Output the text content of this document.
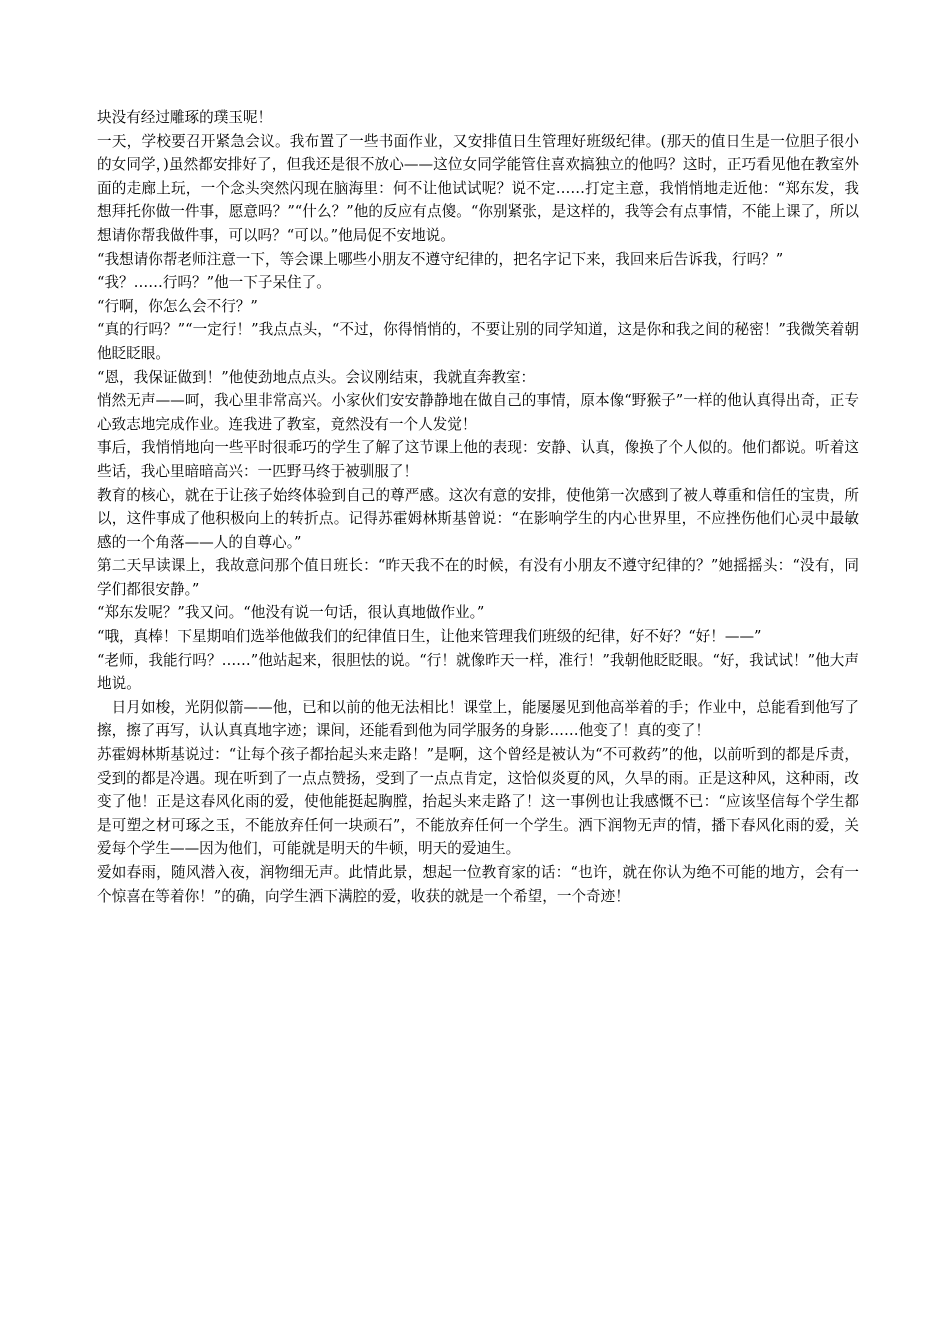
块没有经过雕琢的璞玉呢！

一天，学校要召开紧急会议。我布置了一些书面作业，又安排值日生管理好班级纪律。(那天的值日生是一位胆子很小的女同学，)虽然都安排好了，但我还是很不放心——这位女同学能管住喜欢搞独立的他吗？这时，正巧看见他在教室外面的走廊上玩，一个念头突然闪现在脑海里：何不让他试试呢？说不定……打定主意，我悄悄地走近他：“郑东发，我想拜托你做一件事，愿意吗？”“什么？”他的反应有点傻。“你别紧张，是这样的，我等会有点事情，不能上课了，所以想请你帮我做件事，可以吗？“可以。”他局促不安地说。

“我想请你帮老师注意一下，等会课上哪些小朋友不遵守纪律的，把名字记下来，我回来后告诉我，行吗？”

“我？……行吗？”他一下子呆住了。

“行啊，你怎么会不行？”

“真的行吗？”“一定行！”我点点头，“不过，你得悄悄的，不要让别的同学知道，这是你和我之间的秘密！”我微笑着朝他眨眨眼。

“恩，我保证做到！”他使劲地点点头。会议刚结束，我就直奔教室：

悄然无声——呵，我心里非常高兴。小家伙们安安静静地在做自己的事情，原本像“野猴子”一样的他认真得出奇，正专心致志地完成作业。连我进了教室，竟然没有一个人发觉！

事后，我悄悄地向一些平时很乖巧的学生了解了这节课上他的表现：安静、认真，像换了个人似的。他们都说。听着这些话，我心里暗暗高兴：一匹野马终于被驯服了！

教育的核心，就在于让孩子始终体验到自己的尊严感。这次有意的安排，使他第一次感到了被人尊重和信任的宝贵，所以，这件事成了他积极向上的转折点。记得苏霍姆林斯基曾说：“在影响学生的内心世界里，不应挫伤他们心灵中最敏感的一个角落——人的自尊心。”

第二天早读课上，我故意问那个值日班长：“昨天我不在的时候，有没有小朋友不遵守纪律的？”她摇摇头：“没有，同学们都很安静。”

“郑东发呢？”我又问。“他没有说一句话，很认真地做作业。”

“哦，真棒！下星期咱们选举他做我们的纪律值日生，让他来管理我们班级的纪律，好不好？“好！——”

“老师，我能行吗？……”他站起来，很胆怯的说。“行！就像昨天一样，准行！”我朝他眨眨眼。“好，我试试！”他大声地说。

　日月如梭，光阴似箭——他，已和以前的他无法相比！课堂上，能屡屡见到他高举着的手；作业中，总能看到他写了擦，擦了再写，认认真真地字迹；课间，还能看到他为同学服务的身影……他变了！真的变了！

苏霍姆林斯基说过：“让每个孩子都抬起头来走路！”是啊，这个曾经是被认为“不可救药”的他，以前听到的都是斥责，受到的都是冷遇。现在听到了一点点赞扬，受到了一点点肯定，这恰似炎夏的风，久旱的雨。正是这种风，这种雨，改变了他！正是这春风化雨的爱，使他能挺起胸膛，抬起头来走路了！这一事例也让我感慨不已：“应该坚信每个学生都是可塑之材可琢之玉，不能放弃任何一块顽石”，不能放弃任何一个学生。洒下润物无声的情，播下春风化雨的爱，关爱每个学生——因为他们，可能就是明天的牛顿，明天的爱迪生。

爱如春雨，随风潜入夜，润物细无声。此情此景，想起一位教育家的话：“也许，就在你认为绝不可能的地方，会有一个惊喜在等着你！”的确，向学生洒下满腔的爱，收获的就是一个希望，一个奇迹！
